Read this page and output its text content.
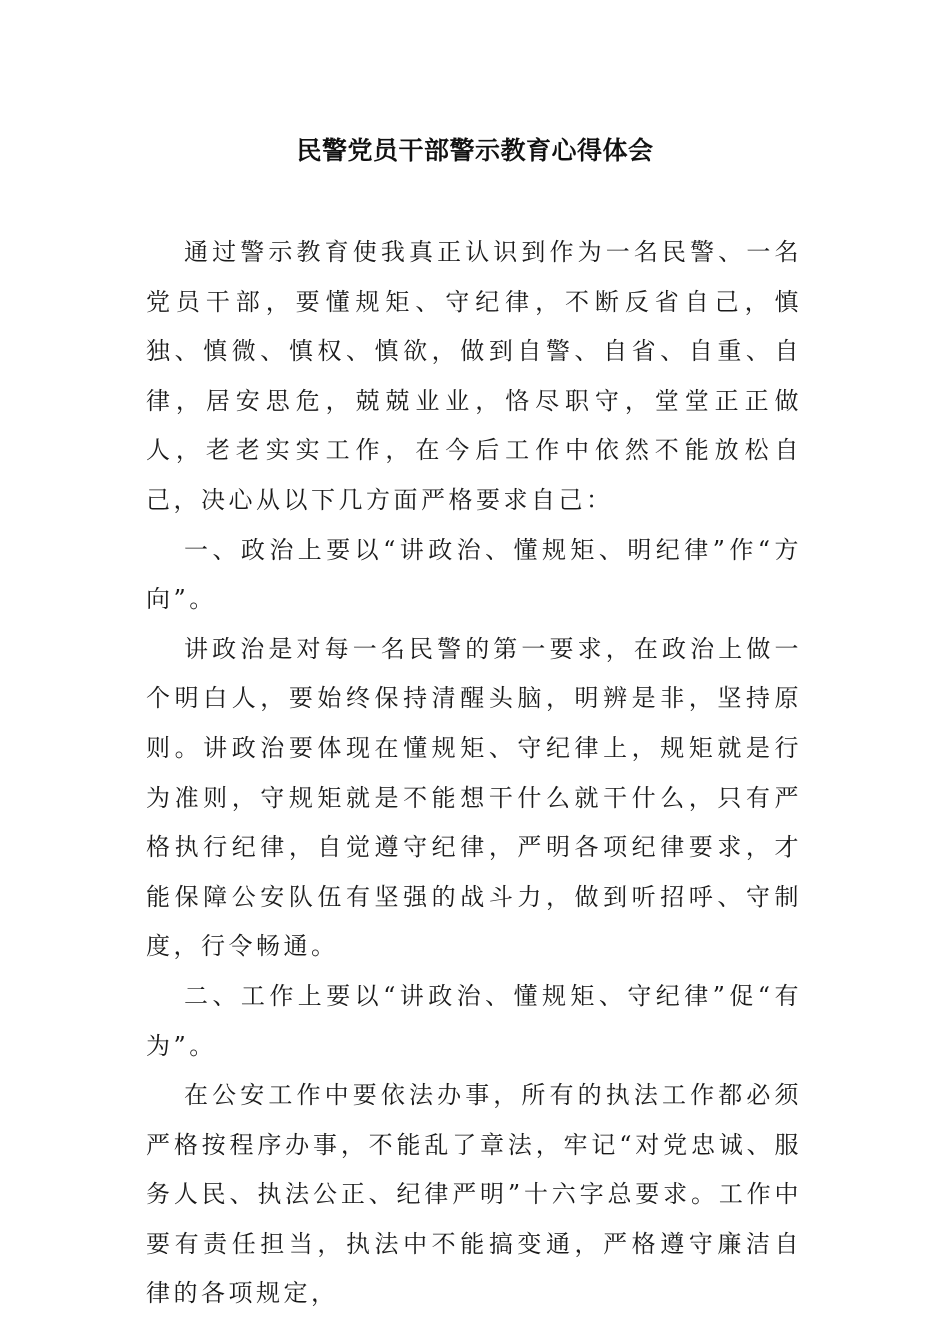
民警党员干部警示教育心得体会

通过警示教育使我真正认识到作为一名民警、一名党员干部，要懂规矩、守纪律，不断反省自己，慎独、慎微、慎权、慎欲，做到自警、自省、自重、自律，居安思危，兢兢业业，恪尽职守，堂堂正正做人，老老实实工作，在今后工作中依然不能放松自己，决心从以下几方面严格要求自己：

一、政治上要以“讲政治、懂规矩、明纪律”作“方向”。

讲政治是对每一名民警的第一要求，在政治上做一个明白人，要始终保持清醒头脑，明辨是非，坚持原则。讲政治要体现在懂规矩、守纪律上，规矩就是行为准则，守规矩就是不能想干什么就干什么，只有严格执行纪律，自觉遵守纪律，严明各项纪律要求，才能保障公安队伍有坚强的战斗力，做到听招呼、守制度，行令畅通。

二、工作上要以“讲政治、懂规矩、守纪律”促“有为”。

在公安工作中要依法办事，所有的执法工作都必须严格按程序办事，不能乱了章法，牢记“对党忠诚、服务人民、执法公正、纪律严明”十六字总要求。工作中要有责任担当，执法中不能搞变通，严格遵守廉洁自律的各项规定，
